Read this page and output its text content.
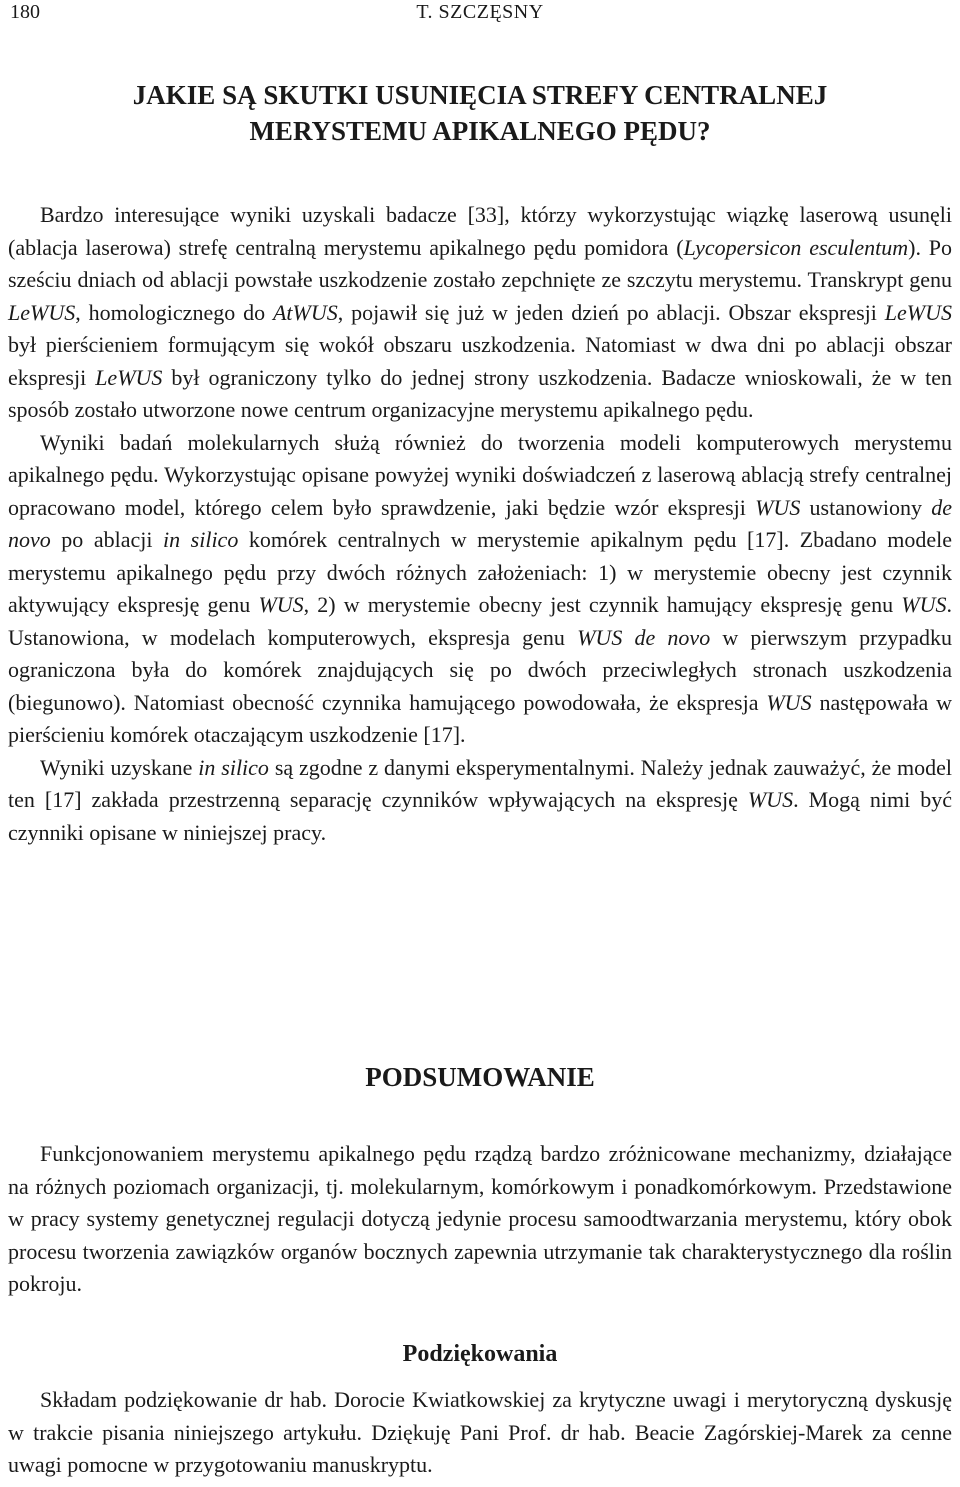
180	T. SZCZĘSNY
JAKIE SĄ SKUTKI USUNIĘCIA STREFY CENTRALNEJ
MERYSTEMU APIKALNEGO PĘDU?

Bardzo interesujące wyniki uzyskali badacze [33], którzy wykorzystując wiązkę laserową usunęli (ablacja laserowa) strefę centralną merystemu apikalnego pędu pomidora (Lycopersicon esculentum). Po sześciu dniach od ablacji powstałe uszkodzenie zostało zepchnięte ze szczytu merystemu. Transkrypt genu LeWUS, homologicznego do AtWUS, pojawił się już w jeden dzień po ablacji. Obszar ekspresji LeWUS był pierścieniem formującym się wokół obszaru uszkodzenia. Natomiast w dwa dni po ablacji obszar ekspresji LeWUS był ograniczony tylko do jednej strony uszkodzenia. Badacze wnioskowali, że w ten sposób zostało utworzone nowe centrum organizacyjne merystemu apikalnego pędu.

Wyniki badań molekularnych służą również do tworzenia modeli komputerowych merystemu apikalnego pędu. Wykorzystując opisane powyżej wyniki doświadczeń z laserową ablacją strefy centralnej opracowano model, którego celem było sprawdzenie, jaki będzie wzór ekspresji WUS ustanowiony de novo po ablacji in silico komórek centralnych w merystemie apikalnym pędu [17]. Zbadano modele merystemu apikalnego pędu przy dwóch różnych założeniach: 1) w merystemie obecny jest czynnik aktywujący ekspresję genu WUS, 2) w merystemie obecny jest czynnik hamujący ekspresję genu WUS. Ustanowiona, w modelach komputerowych, ekspresja genu WUS de novo w pierwszym przypadku ograniczona była do komórek znajdujących się po dwóch przeciwległych stronach uszkodzenia (biegunowo). Natomiast obecność czynnika hamującego powodowała, że ekspresja WUS następowała w pierścieniu komórek otaczającym uszkodzenie [17].

Wyniki uzyskane in silico są zgodne z danymi eksperymentalnymi. Należy jednak zauważyć, że model ten [17] zakłada przestrzenną separację czynników wpływających na ekspresję WUS. Mogą nimi być czynniki opisane w niniejszej pracy.

PODSUMOWANIE

Funkcjonowaniem merystemu apikalnego pędu rządzą bardzo zróżnicowane mechanizmy, działające na różnych poziomach organizacji, tj. molekularnym, komórkowym i ponadkomórkowym. Przedstawione w pracy systemy genetycznej regulacji dotyczą jedynie procesu samoodtwarzania merystemu, który obok procesu tworzenia zawiązków organów bocznych zapewnia utrzymanie tak charakterystycznego dla roślin pokroju.

Podziękowania

Składam podziękowanie dr hab. Dorocie Kwiatkowskiej za krytyczne uwagi i merytoryczną dyskusję w trakcie pisania niniejszego artykułu. Dziękuję Pani Prof. dr hab. Beacie Zagórskiej-Marek za cenne uwagi pomocne w przygotowaniu manuskryptu.
